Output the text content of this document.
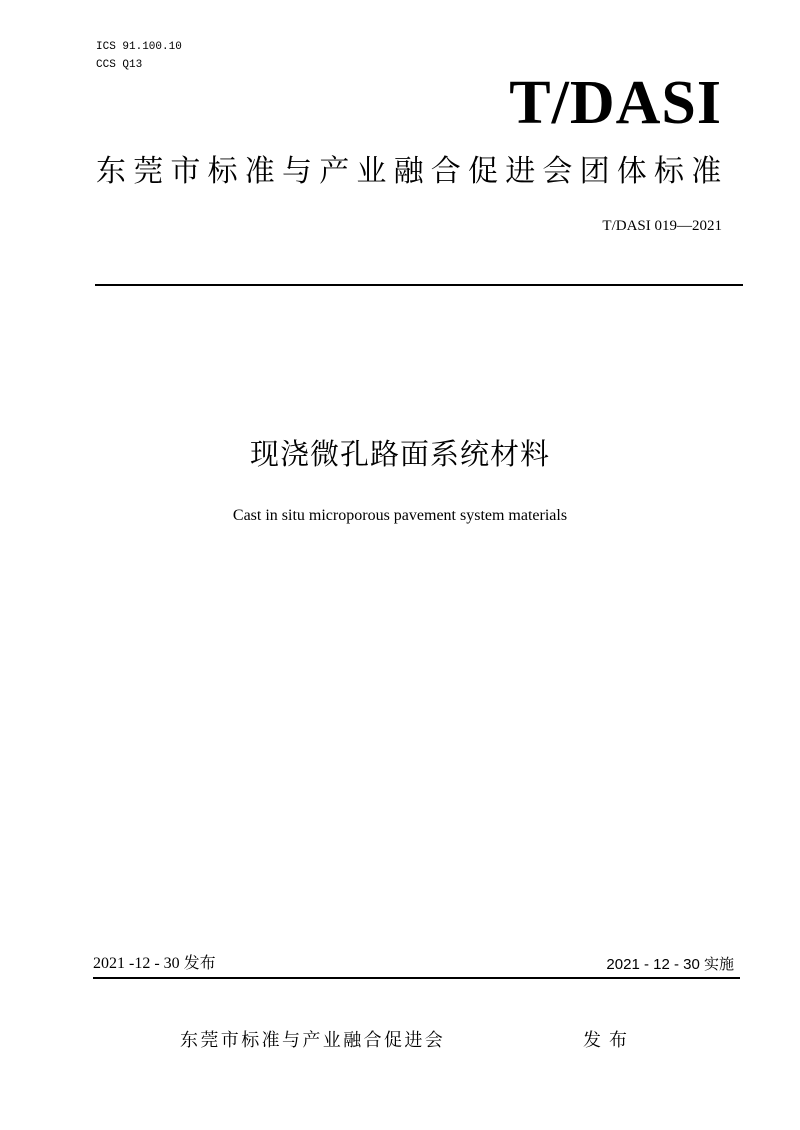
ICS 91.100.10
CCS Q13
T/DASI
东莞市标准与产业融合促进会团体标准
T/DASI 019—2021
现浇微孔路面系统材料
Cast in situ microporous pavement system materials
2021 -12 - 30 发布	2021 - 12 - 30 实施
东莞市标准与产业融合促进会	发布
